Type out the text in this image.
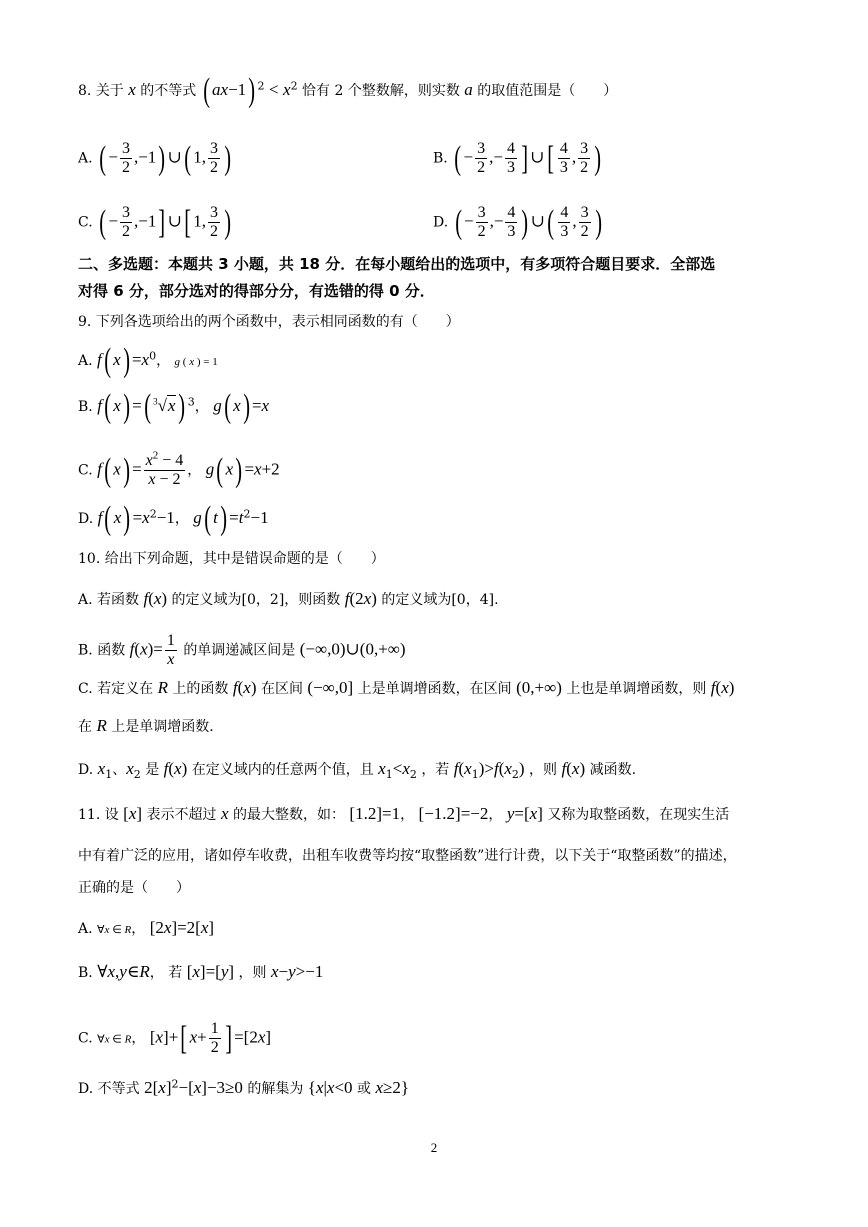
8. 关于 x 的不等式 ( ax−1) $^2 < x^2$ 恰有 2 个整数解，则实数 a 的取值范围是（　　）
A. ( − $\frac{3}{2} ,-1$) ∪( 1, $\frac{3}{2}$ )	B. ( − $\frac{3}{2}$ ,− $\frac{4}{3}$ ] ∪[ $\frac{4}{3}$ , $\frac{3}{2}$ )
C. ( − $\frac{3}{2} ,-1$] ∪[ 1, $\frac{3}{2}$ )	D. ( − $\frac{3}{2}$ ,− $\frac{4}{3}$ ) ∪( $\frac{4}{3}$ , $\frac{3}{2}$ )
二、多选题：本题共 3 小题，共 18 分．在每小题给出的选项中，有多项符合题目要求．全部选
对得 6 分，部分选对的得部分分，有选错的得 0 分．
9. 下列各选项给出的两个函数中，表示相同函数的有（　　）
A. f( $x) =x^0$， g ( x ) = 1
B. f( x) =( $^3$√x) $^3$， g( x) =x
C. f( $x) = \frac{x^2 - 4}{x - 2}$ ， g( x) =x+2
D. f( $x) =x^2-1$， g( $t) =t^2-1$
10. 给出下列命题，其中是错误命题的是（　　）
A. 若函数 f(x) 的定义域为[0，2]，则函数 f(2x) 的定义域为[0，4].
B. 函数 $f(x)= \frac{1}{x}$ 的单调递减区间是 (−∞,0)∪(0,+∞)
C. 若定义在 R 上的函数 f(x) 在区间 (−∞,0] 上是单调增函数，在区间 (0,+∞) 上也是单调增函数，则 f(x)
在 R 上是单调增函数.
D. $x_1$、$x_2$ 是 f(x) 在定义域内的任意两个值，且 $x_1<x_2$ ，若 $f(x_1)>f(x_2)$ ，则 f(x) 减函数.
11. 设 [x] 表示不超过 x 的最大整数，如： [1.2]=1， [−1.2]=−2， y=[x] 又称为取整函数，在现实生活
中有着广泛的应用，诸如停车收费，出租车收费等均按“取整函数”进行计费，以下关于“取整函数”的描述，
正确的是（　　）
A. ∀x ∈ R， [2x]=2[x]
B. ∀x,y∈R， 若 [x]=[y] ，则 x−y>−1
C. ∀x ∈ R， [x]+[ $x+ \frac{1}{2}$ ] =[2x]
D. 不等式 $2[x]^2-[x]-3\ge 0$ 的解集为 {x|x<0 或 x≥2}
2
